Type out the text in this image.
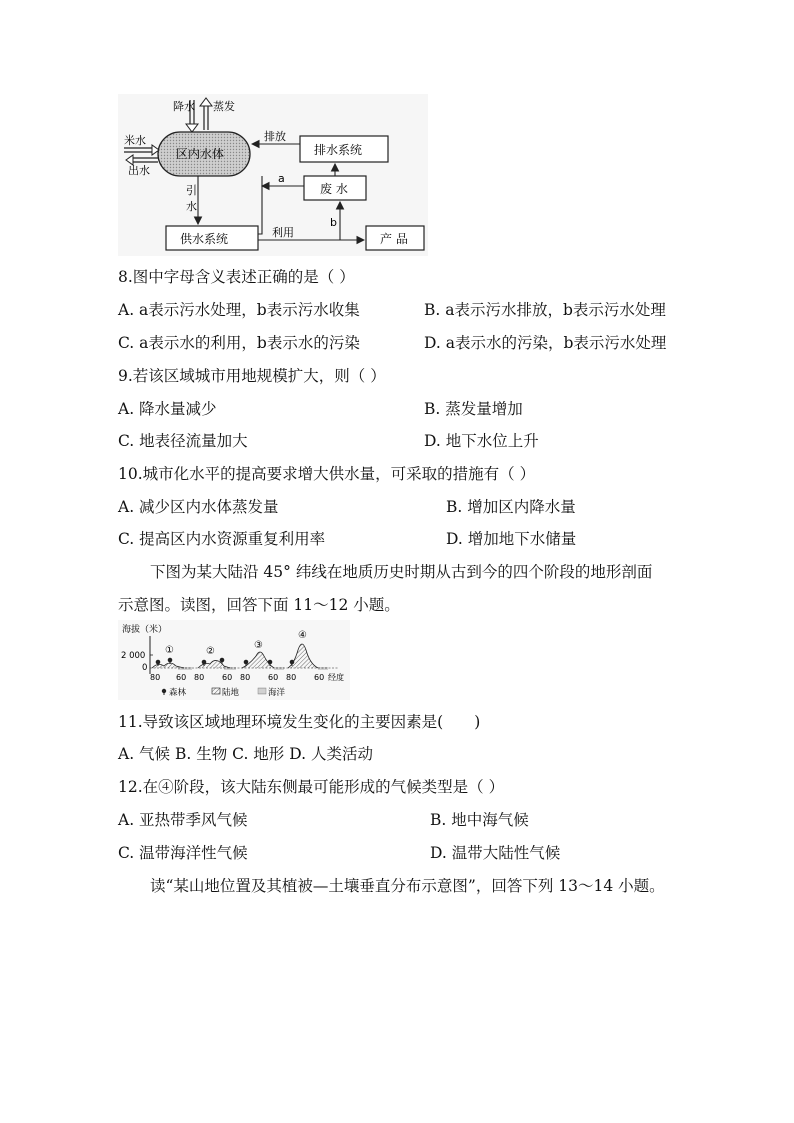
降水 蒸发
区内水体
米水
出水
排水系统
排放
废 水
a
供水系统
引
水
利用	产 品
b
8.图中字母含义表述正确的是（ ）
A. a表示污水处理，b表示污水收集	B. a表示污水排放，b表示污水处理
C. a表示水的利用，b表示水的污染	D. a表示水的污染，b表示污水处理
9.若该区域城市用地规模扩大，则（ ）
A. 降水量减少	B. 蒸发量增加
C. 地表径流量加大	D. 地下水位上升
10.城市化水平的提高要求增大供水量，可采取的措施有（ ）
A. 减少区内水体蒸发量	B. 增加区内降水量
C. 提高区内水资源重复利用率	D. 增加地下水储量
下图为某大陆沿 45° 纬线在地质历史时期从古到今的四个阶段的地形剖面
示意图。读图，回答下面 11～12 小题。
海拔（米）
2 000
0
①	②
③
④
80 60 80 60 80 60 80 60 经度
森林	陆地	海洋
11.导致该区域地理环境发生变化的主要因素是(　　)
A. 气候 B. 生物 C. 地形 D. 人类活动
12.在④阶段，该大陆东侧最可能形成的气候类型是（ ）
A. 亚热带季风气候	B. 地中海气候
C. 温带海洋性气候	D. 温带大陆性气候
读“某山地位置及其植被—土壤垂直分布示意图”，回答下列 13～14 小题。
